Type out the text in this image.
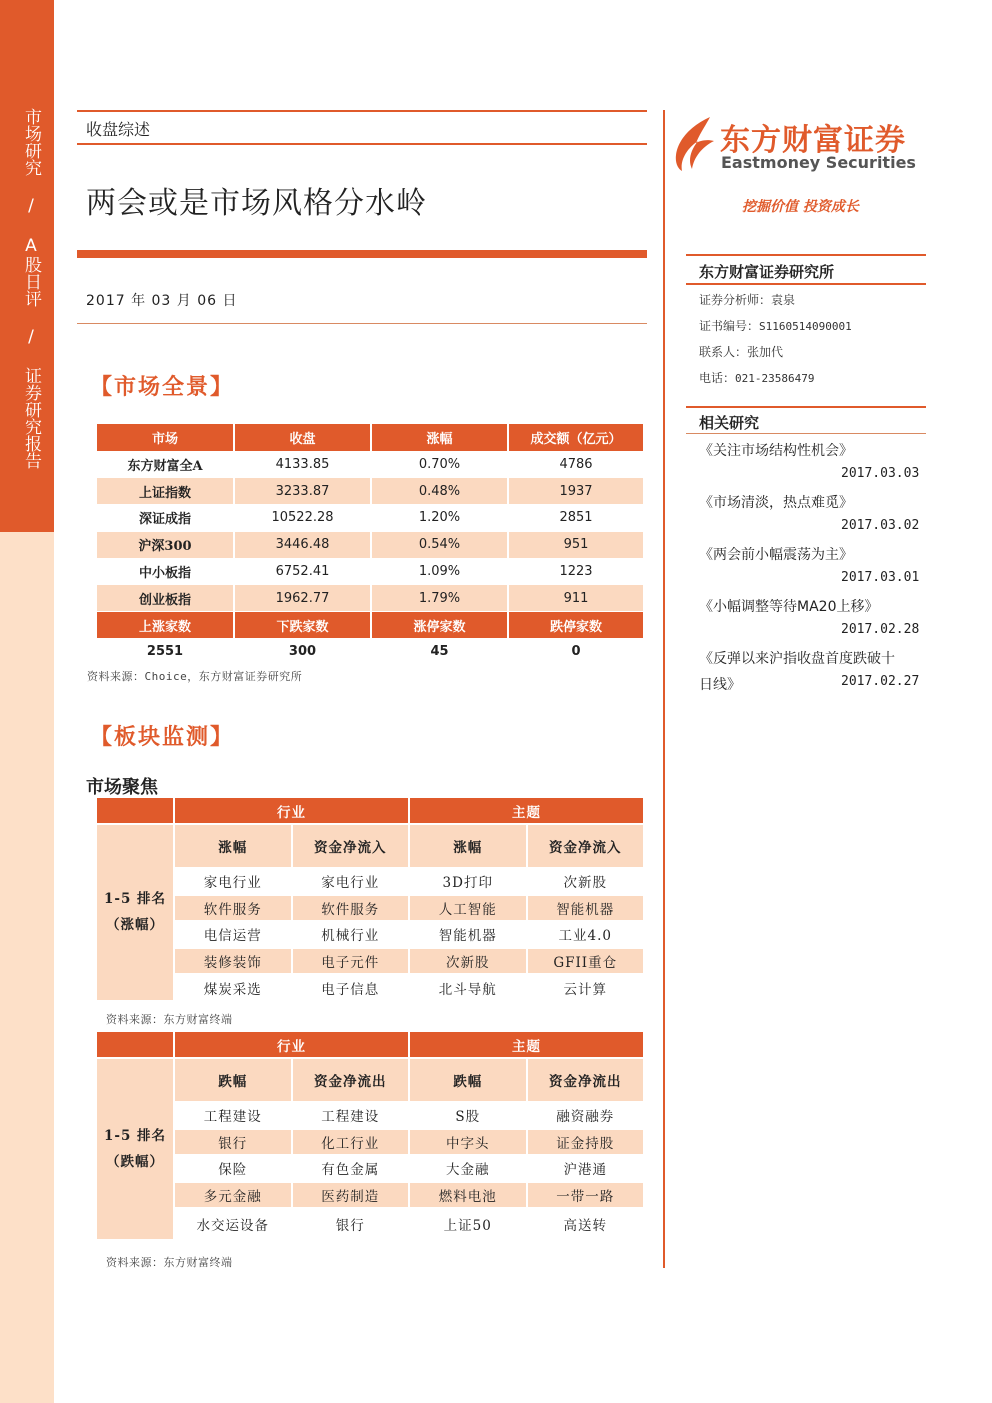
市场研究 / A股日评 / 证券研究报告	收盘综述
两会或是市场风格分水岭
2017 年 03 月 06 日
【市场全景】
市场	收盘	涨幅	成交额（亿元）
东方财富全A	4133.85	0.70%	4786
上证指数	3233.87	0.48%	1937
深证成指	10522.28	1.20%	2851
沪深300	3446.48	0.54%	951
中小板指	6752.41	1.09%	1223
创业板指	1962.77	1.79%	911
上涨家数	下跌家数	涨停家数	跌停家数
2551	300	45	0
资料来源：Choice，东方财富证券研究所
【板块监测】
市场聚焦
	行业		主题	

1-5 排名
（涨幅）	涨幅	资金净流入	涨幅	资金净流入
	家电行业	家电行业	3D打印	次新股
	软件服务	软件服务	人工智能	智能机器
	电信运营	机械行业	智能机器	工业4.0
	装修装饰	电子元件	次新股	GFII重仓
	煤炭采选	电子信息	北斗导航	云计算
资料来源：东方财富终端
	行业		主题	

1-5 排名
（跌幅）	跌幅	资金净流出	跌幅	资金净流出
	工程建设	工程建设	S股	融资融券
	银行	化工行业	中字头	证金持股
	保险	有色金属	大金融	沪港通
	多元金融	医药制造	燃料电池	一带一路
	水交运设备	银行	上证50	高送转
资料来源：东方财富终端
东方财富证券
Eastmoney Securities
挖掘价值 投资成长
东方财富证券研究所
证券分析师：袁泉
证书编号：S1160514090001
联系人：张加代
电话：021-23586479
相关研究
《关注市场结构性机会》
2017.03.03
《市场清淡，热点难觅》
2017.03.02
《两会前小幅震荡为主》
2017.03.01
《小幅调整等待MA20上移》
2017.02.28
《反弹以来沪指收盘首度跌破十
日线》	2017.02.27
